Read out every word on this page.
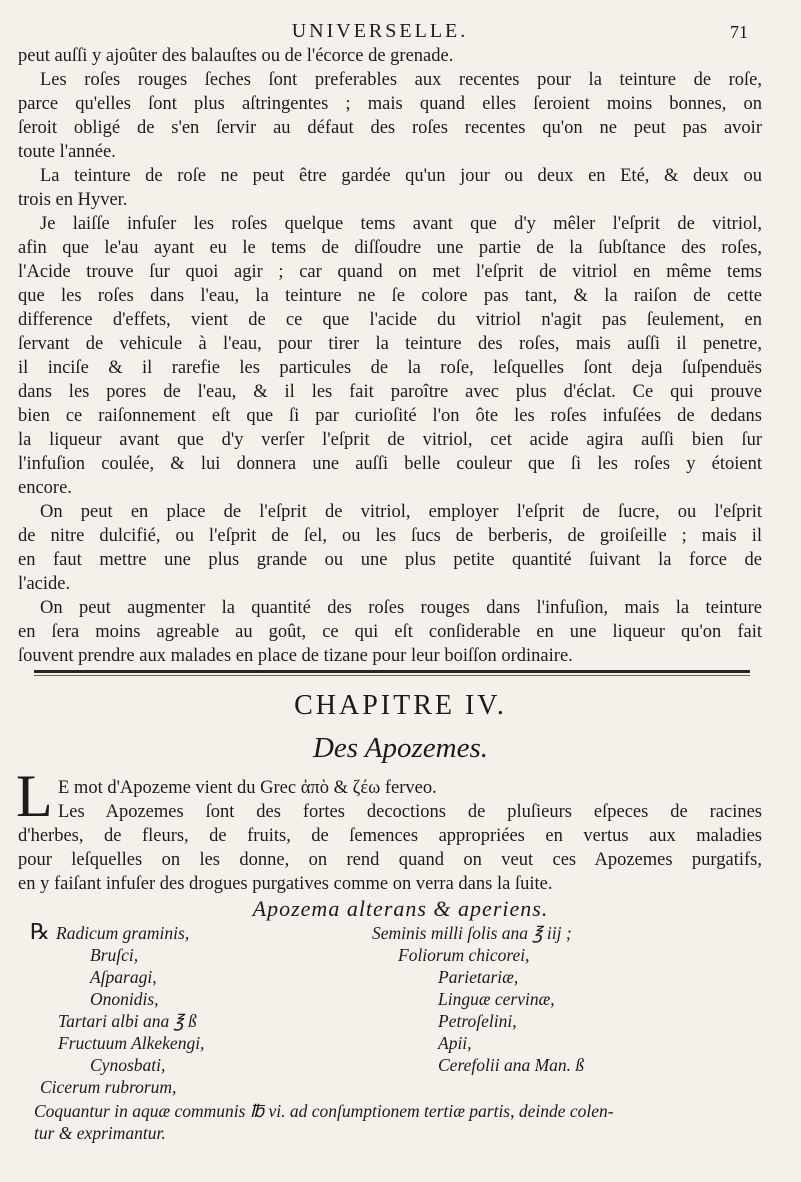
UNIVERSELLE.	71
peut auſſi y ajoûter des balauſtes ou de l'écorce de grenade.
Les roſes rouges ſeches ſont preferables aux recentes pour la teinture de roſe,
parce qu'elles ſont plus aſtringentes ; mais quand elles ſeroient moins bonnes, on
ſeroit obligé de s'en ſervir au défaut des roſes recentes qu'on ne peut pas avoir
toute l'année.
La teinture de roſe ne peut être gardée qu'un jour ou deux en Eté, & deux ou
trois en Hyver.
Je laiſſe infuſer les roſes quelque tems avant que d'y mêler l'eſprit de vitriol,
afin que le'au ayant eu le tems de diſſoudre une partie de la ſubſtance des roſes,
l'Acide trouve ſur quoi agir ; car quand on met l'eſprit de vitriol en même tems
que les roſes dans l'eau, la teinture ne ſe colore pas tant, & la raiſon de cette
difference d'effets, vient de ce que l'acide du vitriol n'agit pas ſeulement, en
ſervant de vehicule à l'eau, pour tirer la teinture des roſes, mais auſſi il penetre,
il inciſe & il rarefie les particules de la roſe, leſquelles ſont deja ſuſpenduës
dans les pores de l'eau, & il les fait paroître avec plus d'éclat. Ce qui prouve
bien ce raiſonnement eſt que ſi par curioſité l'on ôte les roſes infuſées de dedans
la liqueur avant que d'y verſer l'eſprit de vitriol, cet acide agira auſſi bien ſur
l'infuſion coulée, & lui donnera une auſſi belle couleur que ſi les roſes y étoient
encore.
On peut en place de l'eſprit de vitriol, employer l'eſprit de ſucre, ou l'eſprit
de nitre dulcifié, ou l'eſprit de ſel, ou les ſucs de berberis, de groiſeille ; mais il
en faut mettre une plus grande ou une plus petite quantité ſuivant la force de
l'acide.
On peut augmenter la quantité des roſes rouges dans l'infuſion, mais la teinture
en ſera moins agreable au goût, ce qui eſt conſiderable en une liqueur qu'on fait
ſouvent prendre aux malades en place de tizane pour leur boiſſon ordinaire.
CHAPITRE IV.
Des Apozemes.
L E mot d'Apozeme vient du Grec ἀπὸ & ζέω ferveo.
Les Apozemes ſont des fortes decoctions de pluſieurs eſpeces de racines
d'herbes, de fleurs, de fruits, de ſemences appropriées en vertus aux maladies
pour leſquelles on les donne, on rend quand on veut ces Apozemes purgatifs,
en y faiſant infuſer des drogues purgatives comme on verra dans la ſuite.
Apozema alterans & aperiens.
℞ Radicum graminis,
Bruſci,
Aſparagi,
Ononidis,
Tartari albi ana ℥ ß
Fructuum Alkekengi,
Cynosbati,
Cicerum rubrorum,
Seminis milli ſolis ana ℥ iij ;
Foliorum chicorei,
Parietariæ,
Linguæ cervinæ,
Petroſelini,
Apii,
Cerefolii ana Man. ß
Coquantur in aquæ communis ℔ vi. ad conſumptionem tertiæ partis, deinde colen-
tur & exprimantur.
